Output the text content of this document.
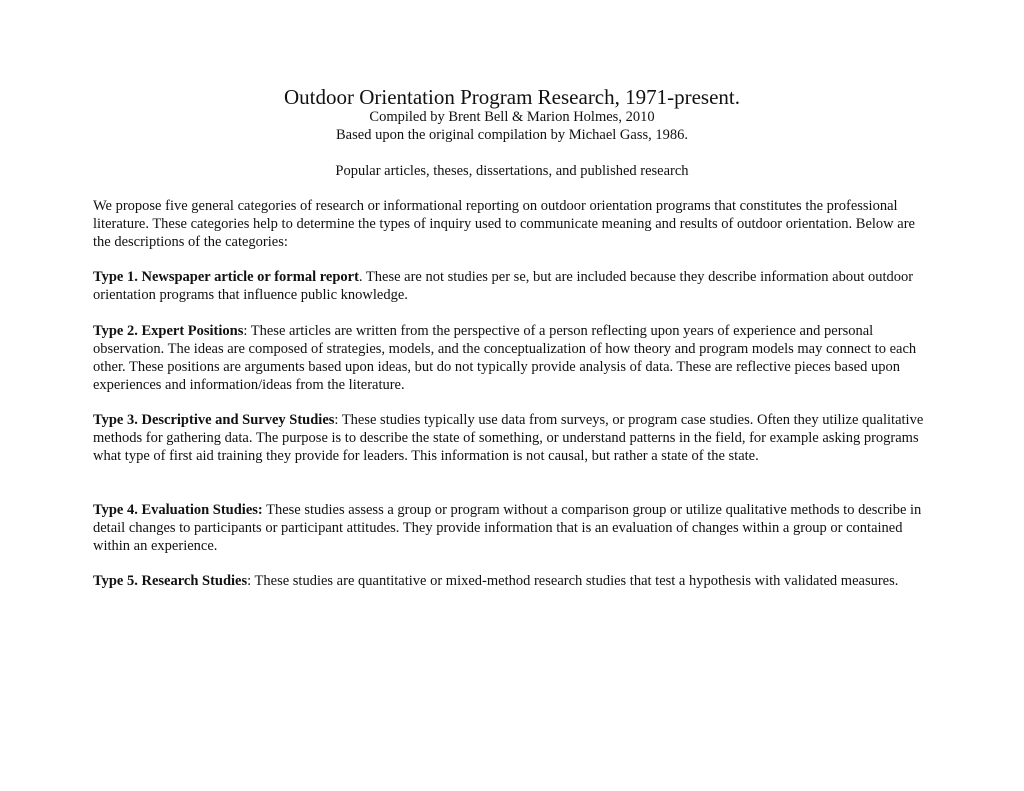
Outdoor Orientation Program Research, 1971-present.
Compiled by Brent Bell & Marion Holmes, 2010
Based upon the original compilation by Michael Gass, 1986.
Popular articles, theses, dissertations, and published research

We propose five general categories of research or informational reporting on outdoor orientation programs that constitutes the professional literature. These categories help to determine the types of inquiry used to communicate meaning and results of outdoor orientation. Below are the descriptions of the categories:

Type 1. Newspaper article or formal report. These are not studies per se, but are included because they describe information about outdoor orientation programs that influence public knowledge.

Type 2. Expert Positions: These articles are written from the perspective of a person reflecting upon years of experience and personal observation. The ideas are composed of strategies, models, and the conceptualization of how theory and program models may connect to each other. These positions are arguments based upon ideas, but do not typically provide analysis of data. These are reflective pieces based upon experiences and information/ideas from the literature.

Type 3. Descriptive and Survey Studies: These studies typically use data from surveys, or program case studies. Often they utilize qualitative methods for gathering data. The purpose is to describe the state of something, or understand patterns in the field, for example asking programs what type of first aid training they provide for leaders. This information is not causal, but rather a state of the state.

Type 4. Evaluation Studies: These studies assess a group or program without a comparison group or utilize qualitative methods to describe in detail changes to participants or participant attitudes. They provide information that is an evaluation of changes within a group or contained within an experience.

Type 5. Research Studies: These studies are quantitative or mixed-method research studies that test a hypothesis with validated measures.
